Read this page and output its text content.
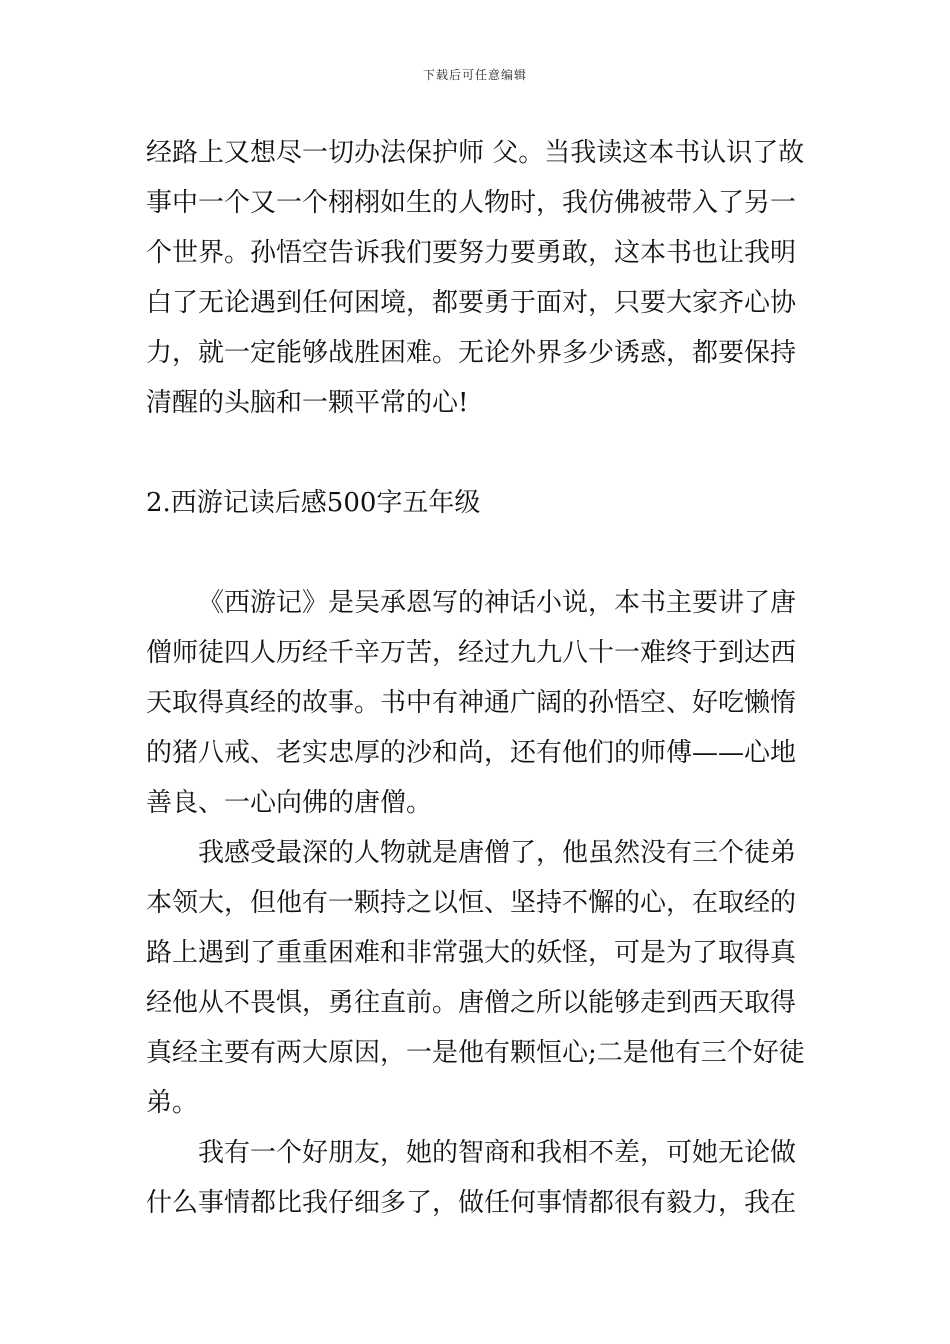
下载后可任意编辑
经路上又想尽一切办法保护师 父。当我读这本书认识了故
事中一个又一个栩栩如生的人物时，我仿佛被带入了另一
个世界。孙悟空告诉我们要努力要勇敢，这本书也让我明
白了无论遇到任何困境，都要勇于面对，只要大家齐心协
力，就一定能够战胜困难。无论外界多少诱惑，都要保持
清醒的头脑和一颗平常的心!
2.西游记读后感500字五年级
《西游记》是吴承恩写的神话小说，本书主要讲了唐
僧师徒四人历经千辛万苦，经过九九八十一难终于到达西
天取得真经的故事。书中有神通广阔的孙悟空、好吃懒惰
的猪八戒、老实忠厚的沙和尚，还有他们的师傅——心地
善良、一心向佛的唐僧。
我感受最深的人物就是唐僧了，他虽然没有三个徒弟
本领大，但他有一颗持之以恒、坚持不懈的心，在取经的
路上遇到了重重困难和非常强大的妖怪，可是为了取得真
经他从不畏惧，勇往直前。唐僧之所以能够走到西天取得
真经主要有两大原因，一是他有颗恒心;二是他有三个好徒
弟。
我有一个好朋友，她的智商和我相不差，可她无论做
什么事情都比我仔细多了，做任何事情都很有毅力，我在
